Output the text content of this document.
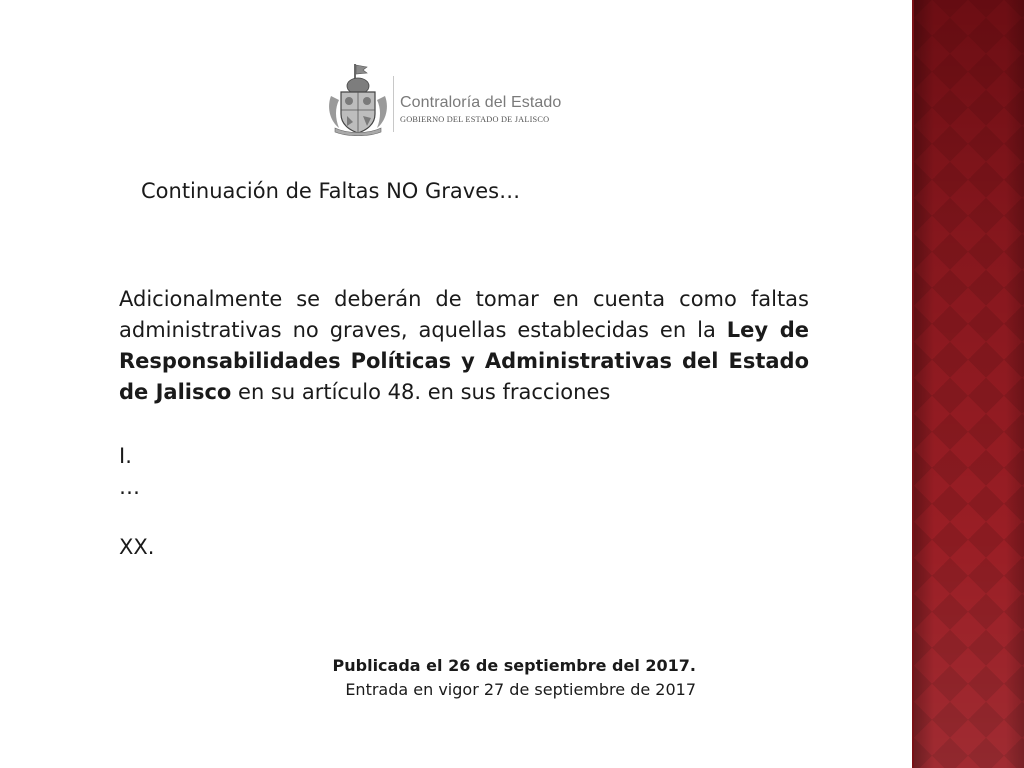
Contraloría del Estado
GOBIERNO DEL ESTADO DE JALISCO
Continuación de Faltas NO Graves…
Adicionalmente se deberán de tomar en cuenta como faltas administrativas no graves, aquellas establecidas en la Ley de Responsabilidades Políticas y Administrativas del Estado de Jalisco en su artículo 48. en sus fracciones
I.
…
XX.
Publicada el 26 de septiembre del 2017.
Entrada en vigor 27 de septiembre de 2017
